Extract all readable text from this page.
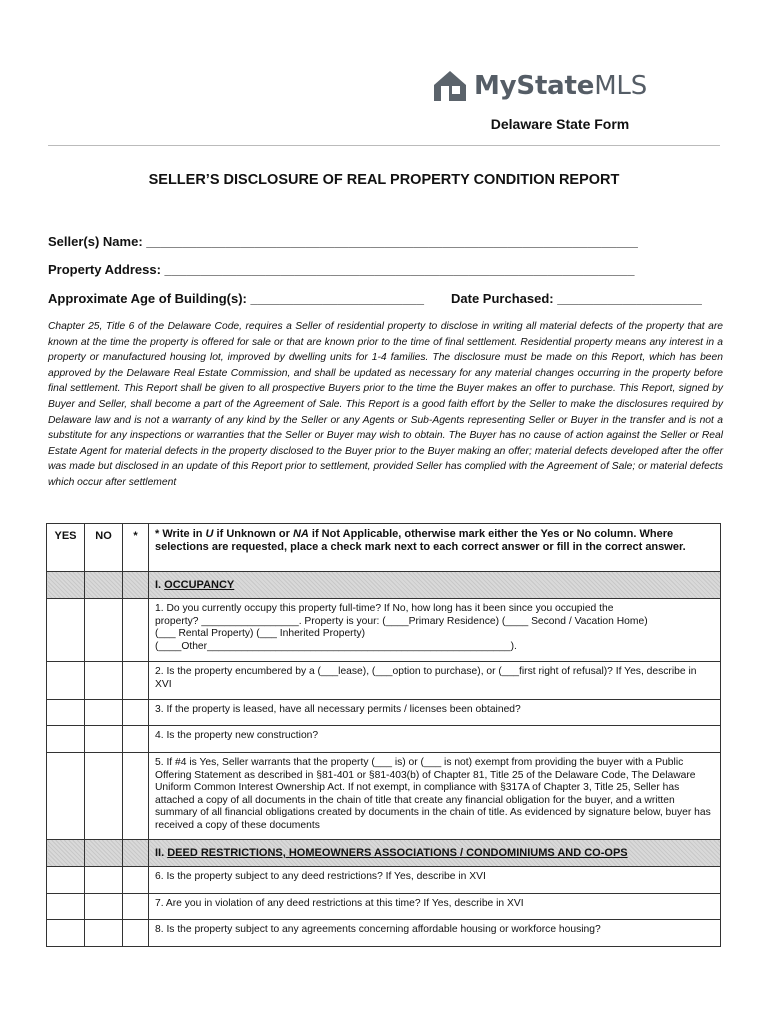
MyStateMLS
Delaware State Form
SELLER’S DISCLOSURE OF REAL PROPERTY CONDITION REPORT
Seller(s) Name: ____________________________________________________________________
Property Address: _________________________________________________________________
Approximate Age of Building(s): ________________________ Date Purchased: ____________________
Chapter 25, Title 6 of the Delaware Code, requires a Seller of residential property to disclose in writing all material defects of the property that are known at the time the property is offered for sale or that are known prior to the time of final settlement. Residential property means any interest in a property or manufactured housing lot, improved by dwelling units for 1-4 families. The disclosure must be made on this Report, which has been approved by the Delaware Real Estate Commission, and shall be updated as necessary for any material changes occurring in the property before final settlement. This Report shall be given to all prospective Buyers prior to the time the Buyer makes an offer to purchase. This Report, signed by Buyer and Seller, shall become a part of the Agreement of Sale. This Report is a good faith effort by the Seller to make the disclosures required by Delaware law and is not a warranty of any kind by the Seller or any Agents or Sub-Agents representing Seller or Buyer in the transfer and is not a substitute for any inspections or warranties that the Seller or Buyer may wish to obtain. The Buyer has no cause of action against the Seller or Real Estate Agent for material defects in the property disclosed to the Buyer prior to the Buyer making an offer; material defects developed after the offer was made but disclosed in an update of this Report prior to settlement, provided Seller has complied with the Agreement of Sale; or material defects which occur after settlement
YES	NO	*	* Write in U if Unknown or NA if Not Applicable, otherwise mark either the Yes or No column. Where selections are requested, place a check mark next to each correct answer or fill in the correct answer.
			I. OCCUPANCY

			1. Do you currently occupy this property full-time? If No, how long has it been since you occupied the
property? _________________. Property is your: (____Primary Residence) (____ Second / Vacation Home)
(___ Rental Property) (___ Inherited Property)
(____Other_____________________________________________________).

			2. Is the property encumbered by a (___lease), (___option to purchase), or (___first right of refusal)? If Yes, describe in XVI
			3. If the property is leased, have all necessary permits / licenses been obtained?
			4. Is the property new construction?
			5. If #4 is Yes, Seller warrants that the property (___ is) or (___ is not) exempt from providing the buyer with a Public Offering Statement as described in §81-401 or §81-403(b) of Chapter 81, Title 25 of the Delaware Code, The Delaware Uniform Common Interest Ownership Act. If not exempt, in compliance with §317A of Chapter 3, Title 25, Seller has attached a copy of all documents in the chain of title that create any financial obligation for the buyer, and a written summary of all financial obligations created by documents in the chain of title. As evidenced by signature below, buyer has received a copy of these documents
			II. DEED RESTRICTIONS, HOMEOWNERS ASSOCIATIONS / CONDOMINIUMS AND CO-OPS
			6. Is the property subject to any deed restrictions? If Yes, describe in XVI
			7. Are you in violation of any deed restrictions at this time? If Yes, describe in XVI
			8. Is the property subject to any agreements concerning affordable housing or workforce housing?
